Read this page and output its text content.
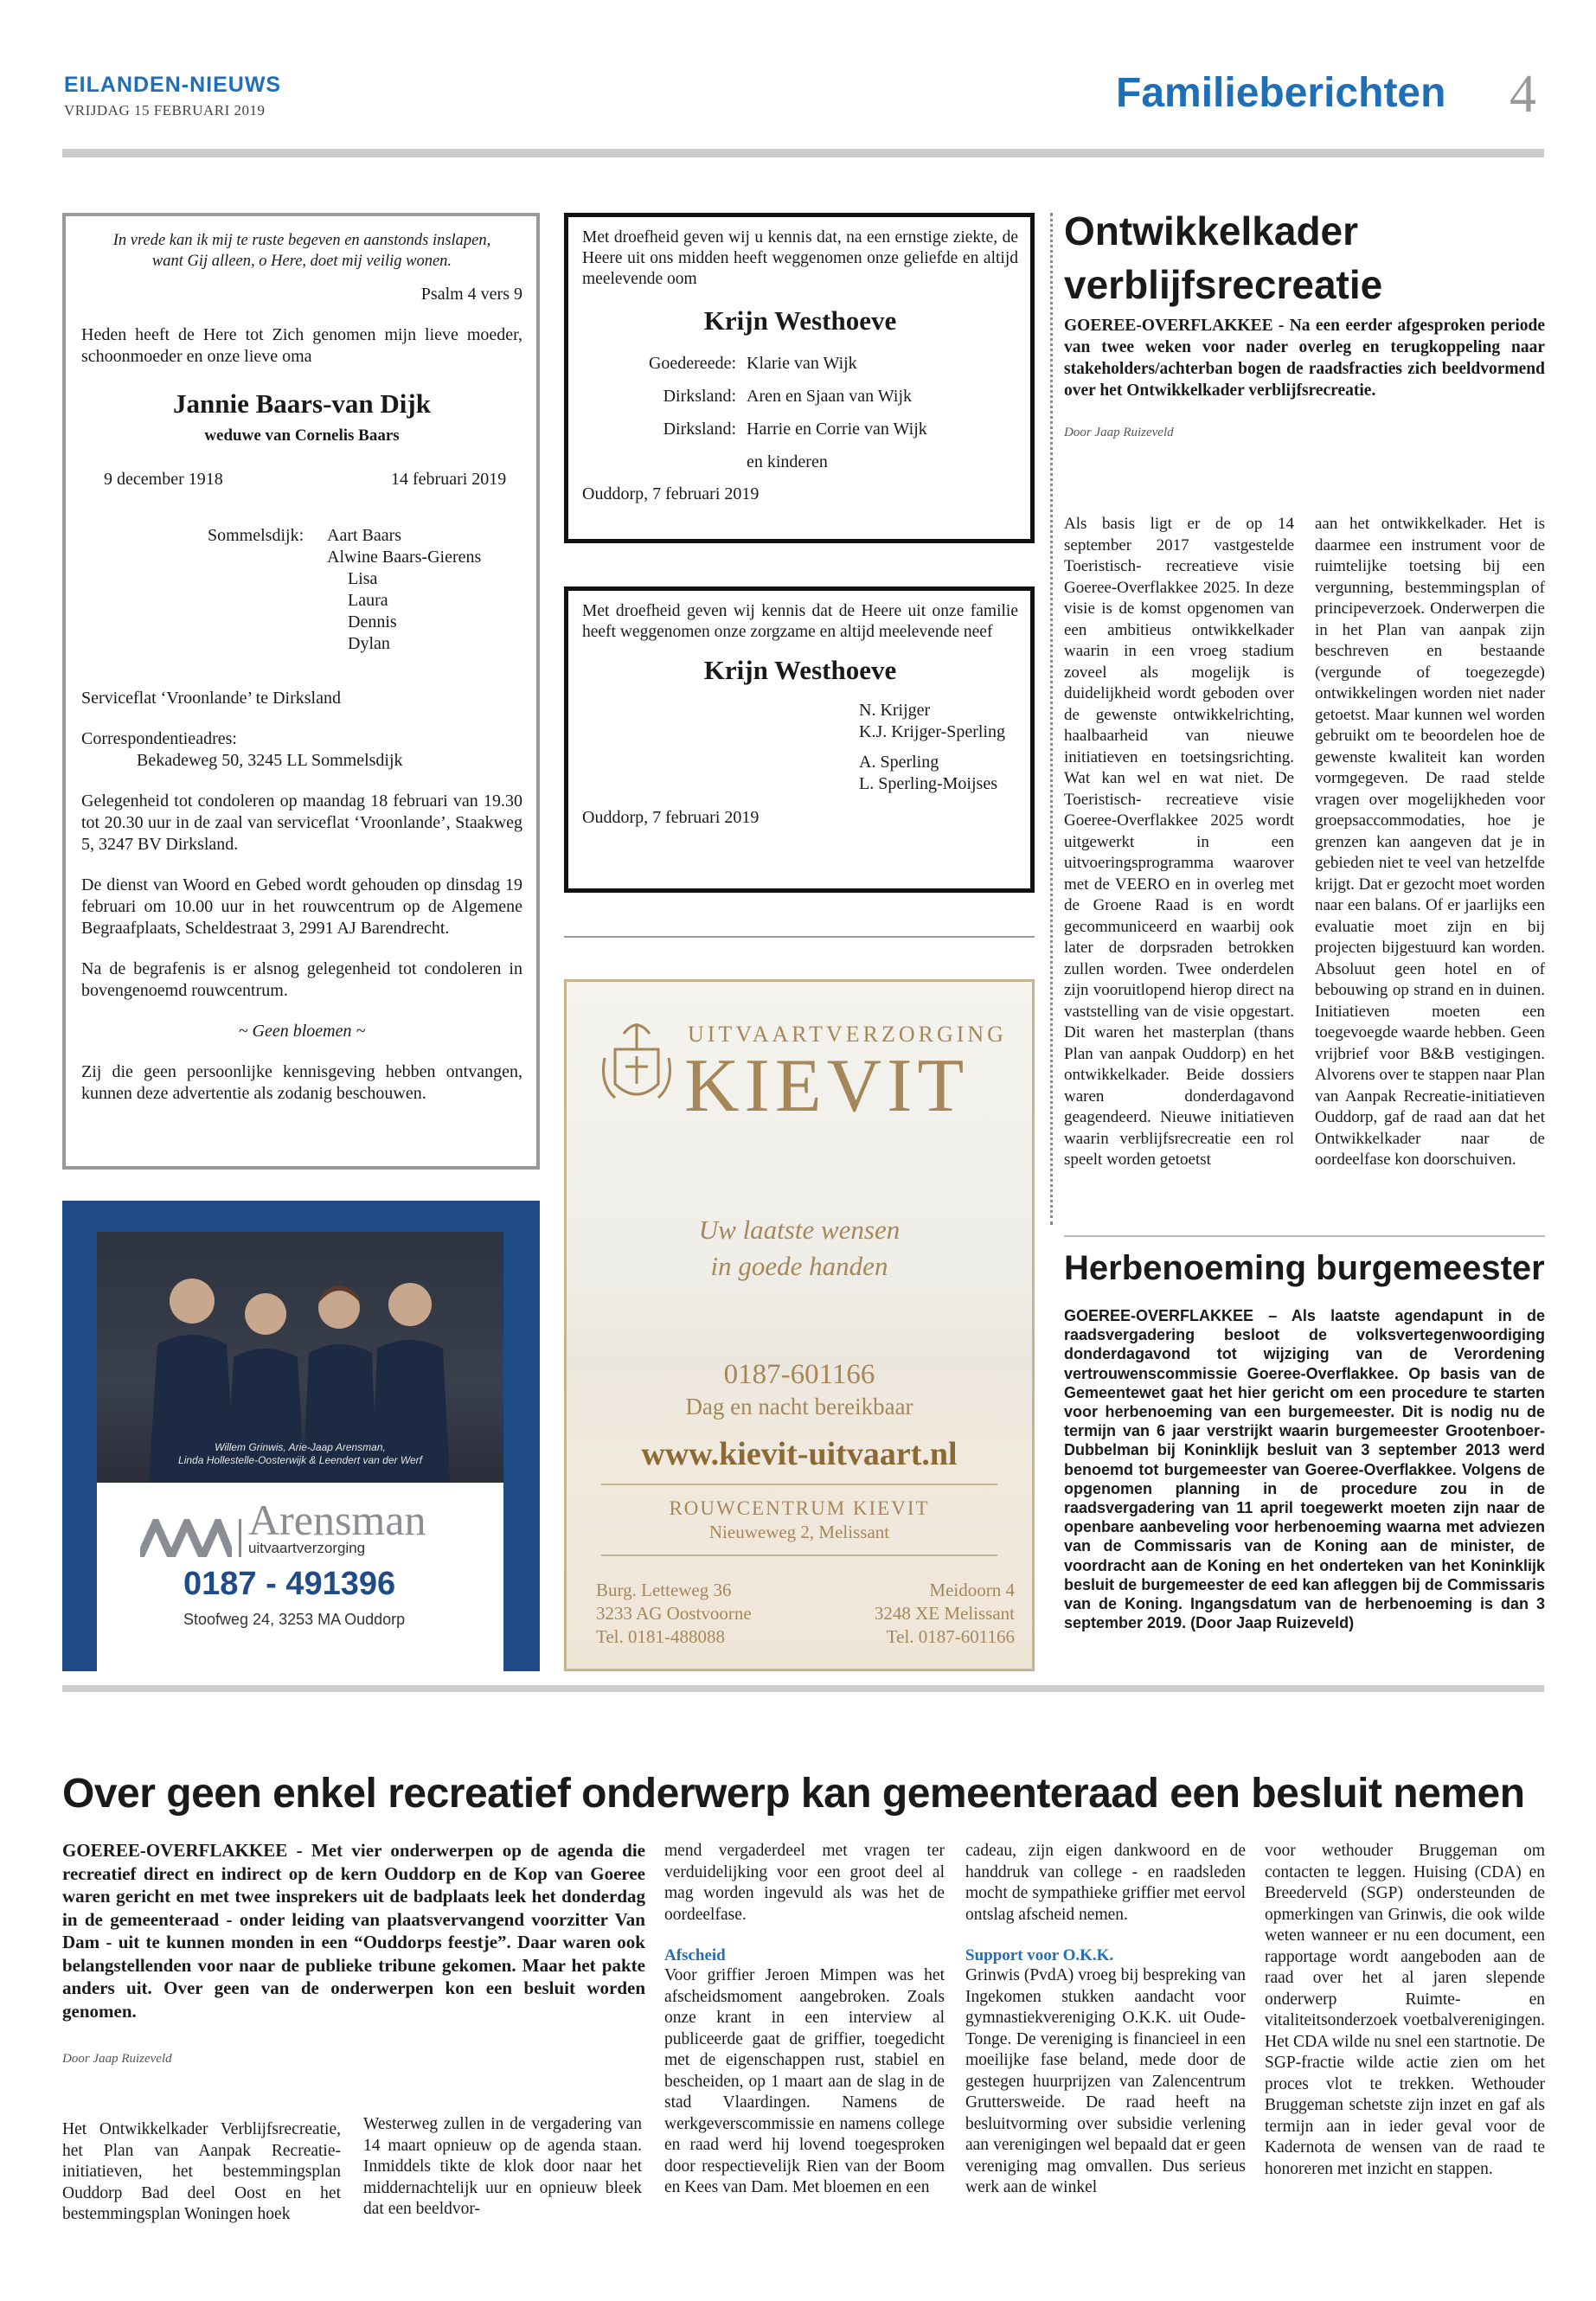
EILANDEN-NIEUWS
VRIJDAG 15 FEBRUARI 2019	Familieberichten 4
In vrede kan ik mij te ruste begeven en aanstonds inslapen,
want Gij alleen, o Here, doet mij veilig wonen.
Psalm 4 vers 9
Heden heeft de Here tot Zich genomen mijn lieve moeder, schoonmoeder en onze lieve oma
Jannie Baars-van Dijk
weduwe van Cornelis Baars
9 december 1918	14 februari 2019
Sommelsdijk:	Aart Baars
Alwine Baars-Gierens
Lisa
Laura
Dennis
Dylan
Serviceflat ‘Vroonlande’ te Dirksland
Correspondentieadres:
Bekadeweg 50, 3245 LL Sommelsdijk
Gelegenheid tot condoleren op maandag 18 februari van 19.30 tot 20.30 uur in de zaal van serviceflat ‘Vroonlande’, Staakweg 5, 3247 BV Dirksland.
De dienst van Woord en Gebed wordt gehouden op dinsdag 19 februari om 10.00 uur in het rouwcentrum op de Algemene Begraafplaats, Scheldestraat 3, 2991 AJ Barendrecht.
Na de begrafenis is er alsnog gelegenheid tot condoleren in bovengenoemd rouwcentrum.
~ Geen bloemen ~
Zij die geen persoonlijke kennisgeving hebben ontvangen, kunnen deze advertentie als zodanig beschouwen.
Met droefheid geven wij u kennis dat, na een ernstige ziekte, de Heere uit ons midden heeft weggenomen onze geliefde en altijd meelevende oom
Krijn Westhoeve
Goedereede: Klarie van Wijk
Dirksland: Aren en Sjaan van Wijk
Dirksland: Harrie en Corrie van Wijk
en kinderen
Ouddorp, 7 februari 2019
Met droefheid geven wij kennis dat de Heere uit onze familie heeft weggenomen onze zorgzame en altijd meelevende neef
Krijn Westhoeve
N. Krijger
K.J. Krijger-Sperling
A. Sperling
L. Sperling-Moijses
Ouddorp, 7 februari 2019
Willem Grinwis, Arie-Jaap Arensman,
Linda Hollestelle-Oosterwijk & Leendert van der Werf
Arensman
uitvaartverzorging
0187 - 491396
Stoofweg 24, 3253 MA Ouddorp
www.arensmanuitvaart.nl
UITVAARTVERZORGING
KIEVIT
Uw laatste wensen
in goede handen
0187-601166
Dag en nacht bereikbaar
www.kievit-uitvaart.nl
ROUWCENTRUM KIEVIT
Nieuweweg 2, Melissant
Burg. Letteweg 36
3233 AG Oostvoorne
Tel. 0181-488088
Meidoorn 4
3248 XE Melissant
Tel. 0187-601166
Ontwikkelkader verblijfsrecreatie
GOEREE-OVERFLAKKEE - Na een eerder afgesproken periode van twee weken voor nader overleg en terugkoppeling naar stakeholders/achterban bogen de raadsfracties zich beeldvormend over het Ontwikkelkader verblijfsrecreatie.
Door Jaap Ruizeveld
Als basis ligt er de op 14 september 2017 vastgestelde Toeristisch- recreatieve visie Goeree-Overflakkee 2025. In deze visie is de komst opgenomen van een ambitieus ontwikkelkader waarin in een vroeg stadium zoveel als mogelijk is duidelijkheid wordt geboden over de gewenste ontwikkelrichting, haalbaarheid van nieuwe initiatieven en toetsingsrichting. Wat kan wel en wat niet. De Toeristisch- recreatieve visie Goeree-Overflakkee 2025 wordt uitgewerkt in een uitvoeringsprogramma waarover met de VEERO en in overleg met de Groene Raad is en wordt gecommuniceerd en waarbij ook later de dorpsraden betrokken zullen worden. Twee onderdelen zijn vooruitlopend hierop direct na vaststelling van de visie opgestart. Dit waren het masterplan (thans Plan van aanpak Ouddorp) en het ontwikkelkader. Beide dossiers waren donderdagavond geagendeerd. Nieuwe initiatieven waarin verblijfsrecreatie een rol speelt worden getoetst
aan het ontwikkelkader. Het is daarmee een instrument voor de ruimtelijke toetsing bij een vergunning, bestemmingsplan of principeverzoek. Onderwerpen die in het Plan van aanpak zijn beschreven en bestaande (vergunde of toegezegde) ontwikkelingen worden niet nader getoetst. Maar kunnen wel worden gebruikt om te beoordelen hoe de gewenste kwaliteit kan worden vormgegeven. De raad stelde vragen over mogelijkheden voor groepsaccommodaties, hoe je grenzen kan aangeven dat je in gebieden niet te veel van hetzelfde krijgt. Dat er gezocht moet worden naar een balans. Of er jaarlijks een evaluatie moet zijn en bij projecten bijgestuurd kan worden. Absoluut geen hotel en of bebouwing op strand en in duinen. Initiatieven moeten een toegevoegde waarde hebben. Geen vrijbrief voor B&B vestigingen. Alvorens over te stappen naar Plan van Aanpak Recreatie-initiatieven Ouddorp, gaf de raad aan dat het Ontwikkelkader naar de oordeelfase kon doorschuiven.
Herbenoeming burgemeester
GOEREE-OVERFLAKKEE – Als laatste agendapunt in de raadsvergadering besloot de volksvertegenwoordiging donderdagavond tot wijziging van de Verordening vertrouwenscommissie Goeree-Overflakkee. Op basis van de Gemeentewet gaat het hier gericht om een procedure te starten voor herbenoeming van een burgemeester. Dit is nodig nu de termijn van 6 jaar verstrijkt waarin burgemeester Grootenboer- Dubbelman bij Koninklijk besluit van 3 september 2013 werd benoemd tot burgemeester van Goeree-Overflakkee. Volgens de opgenomen planning in de procedure zou in de raadsvergadering van 11 april toegewerkt moeten zijn naar de openbare aanbeveling voor herbenoeming waarna met adviezen van de Commissaris van de Koning aan de minister, de voordracht aan de Koning en het onderteken van het Koninklijk besluit de burgemeester de eed kan afleggen bij de Commissaris van de Koning. Ingangsdatum van de herbenoeming is dan 3 september 2019. (Door Jaap Ruizeveld)
Over geen enkel recreatief onderwerp kan gemeenteraad een besluit nemen
GOEREE-OVERFLAKKEE - Met vier onderwerpen op de agenda die recreatief direct en indirect op de kern Ouddorp en de Kop van Goeree waren gericht en met twee insprekers uit de badplaats leek het donderdag in de gemeenteraad - onder leiding van plaatsvervangend voorzitter Van Dam - uit te kunnen monden in een “Ouddorps feestje”. Daar waren ook belangstellenden voor naar de publieke tribune gekomen. Maar het pakte anders uit. Over geen van de onderwerpen kon een besluit worden genomen.
Door Jaap Ruizeveld
Het Ontwikkelkader Verblijfsrecreatie, het Plan van Aanpak Recreatie-initiatieven, het bestemmingsplan Ouddorp Bad deel Oost en het bestemmingsplan Woningen hoek
Westerweg zullen in de vergadering van 14 maart opnieuw op de agenda staan. Inmiddels tikte de klok door naar het middernachtelijk uur en opnieuw bleek dat een beeldvor-
mend vergaderdeel met vragen ter verduidelijking voor een groot deel al mag worden ingevuld als was het de oordeelfase.
Afscheid
Voor griffier Jeroen Mimpen was het afscheidsmoment aangebroken. Zoals onze krant in een interview al publiceerde gaat de griffier, toegedicht met de eigenschappen rust, stabiel en bescheiden, op 1 maart aan de slag in de stad Vlaardingen. Namens de werkgeverscommissie en namens college en raad werd hij lovend toegesproken door respectievelijk Rien van der Boom en Kees van Dam. Met bloemen en een
cadeau, zijn eigen dankwoord en de handdruk van college - en raadsleden mocht de sympathieke griffier met eervol ontslag afscheid nemen.
Support voor O.K.K.
Grinwis (PvdA) vroeg bij bespreking van Ingekomen stukken aandacht voor gymnastiekvereniging O.K.K. uit Oude-Tonge. De vereniging is financieel in een moeilijke fase beland, mede door de gestegen huurprijzen van Zalencentrum Gruttersweide. De raad heeft na besluitvorming over subsidie verlening aan verenigingen wel bepaald dat er geen vereniging mag omvallen. Dus serieus werk aan de winkel
voor wethouder Bruggeman om contacten te leggen. Huising (CDA) en Breederveld (SGP) ondersteunden de opmerkingen van Grinwis, die ook wilde weten wanneer er nu een document, een rapportage wordt aangeboden aan de raad over het al jaren slepende onderwerp Ruimte- en vitaliteitsonderzoek voetbalverenigingen. Het CDA wilde nu snel een startnotie. De SGP-fractie wilde actie zien om het proces vlot te trekken. Wethouder Bruggeman schetste zijn inzet en gaf als termijn aan in ieder geval voor de Kadernota de wensen van de raad te honoreren met inzicht en stappen.
